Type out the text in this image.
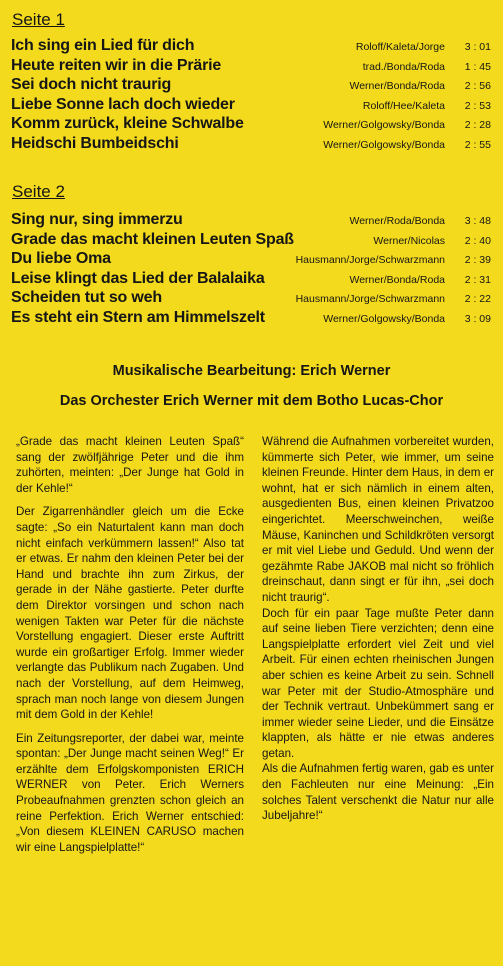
Seite 1
Ich sing ein Lied für dich	Roloff/Kaleta/Jorge	3 : 01
Heute reiten wir in die Prärie	trad./Bonda/Roda	1 : 45
Sei doch nicht traurig	Werner/Bonda/Roda	2 : 56
Liebe Sonne lach doch wieder	Roloff/Hee/Kaleta	2 : 53
Komm zurück, kleine Schwalbe	Werner/Golgowsky/Bonda	2 : 28
Heidschi Bumbeidschi	Werner/Golgowsky/Bonda	2 : 55
Seite 2
Sing nur, sing immerzu	Werner/Roda/Bonda	3 : 48
Grade das macht kleinen Leuten Spaß	Werner/Nicolas	2 : 40
Du liebe Oma	Hausmann/Jorge/Schwarzmann	2 : 39
Leise klingt das Lied der Balalaika	Werner/Bonda/Roda	2 : 31
Scheiden tut so weh	Hausmann/Jorge/Schwarzmann	2 : 22
Es steht ein Stern am Himmelszelt	Werner/Golgowsky/Bonda	3 : 09
Musikalische Bearbeitung: Erich Werner
Das Orchester Erich Werner mit dem Botho Lucas-Chor

„Grade das macht kleinen Leuten Spaß“ sang der zwölfjährige Peter und die ihm zuhörten, meinten: „Der Junge hat Gold in der Kehle!“

Der Zigarrenhändler gleich um die Ecke sagte: „So ein Naturtalent kann man doch nicht einfach verkümmern lassen!“ Also tat er etwas. Er nahm den kleinen Peter bei der Hand und brachte ihn zum Zirkus, der gerade in der Nähe gastierte. Peter durfte dem Direktor vorsingen und schon nach wenigen Takten war Peter für die nächste Vorstellung engagiert. Dieser erste Auftritt wurde ein großartiger Erfolg. Immer wieder verlangte das Publikum nach Zugaben. Und nach der Vorstellung, auf dem Heimweg, sprach man noch lange von diesem Jungen mit dem Gold in der Kehle!

Ein Zeitungsreporter, der dabei war, meinte spontan: „Der Junge macht seinen Weg!“ Er erzählte dem Erfolgskomponisten ERICH WERNER von Peter. Erich Werners Probeaufnahmen grenzten schon gleich an reine Perfektion. Erich Werner entschied: „Von diesem KLEINEN CARUSO machen wir eine Langspielplatte!“

Während die Aufnahmen vorbereitet wurden, kümmerte sich Peter, wie immer, um seine kleinen Freunde. Hinter dem Haus, in dem er wohnt, hat er sich nämlich in einem alten, ausgedienten Bus, einen kleinen Privatzoo eingerichtet. Meerschweinchen, weiße Mäuse, Kaninchen und Schildkröten versorgt er mit viel Liebe und Geduld. Und wenn der gezähmte Rabe JAKOB mal nicht so fröhlich dreinschaut, dann singt er für ihn, „sei doch nicht traurig“.

Doch für ein paar Tage mußte Peter dann auf seine lieben Tiere verzichten; denn eine Langspielplatte erfordert viel Zeit und viel Arbeit. Für einen echten rheinischen Jungen aber schien es keine Arbeit zu sein. Schnell war Peter mit der Studio-Atmosphäre und der Technik vertraut. Unbekümmert sang er immer wieder seine Lieder, und die Einsätze klappten, als hätte er nie etwas anderes getan.

Als die Aufnahmen fertig waren, gab es unter den Fachleuten nur eine Meinung: „Ein solches Talent verschenkt die Natur nur alle Jubeljahre!“
